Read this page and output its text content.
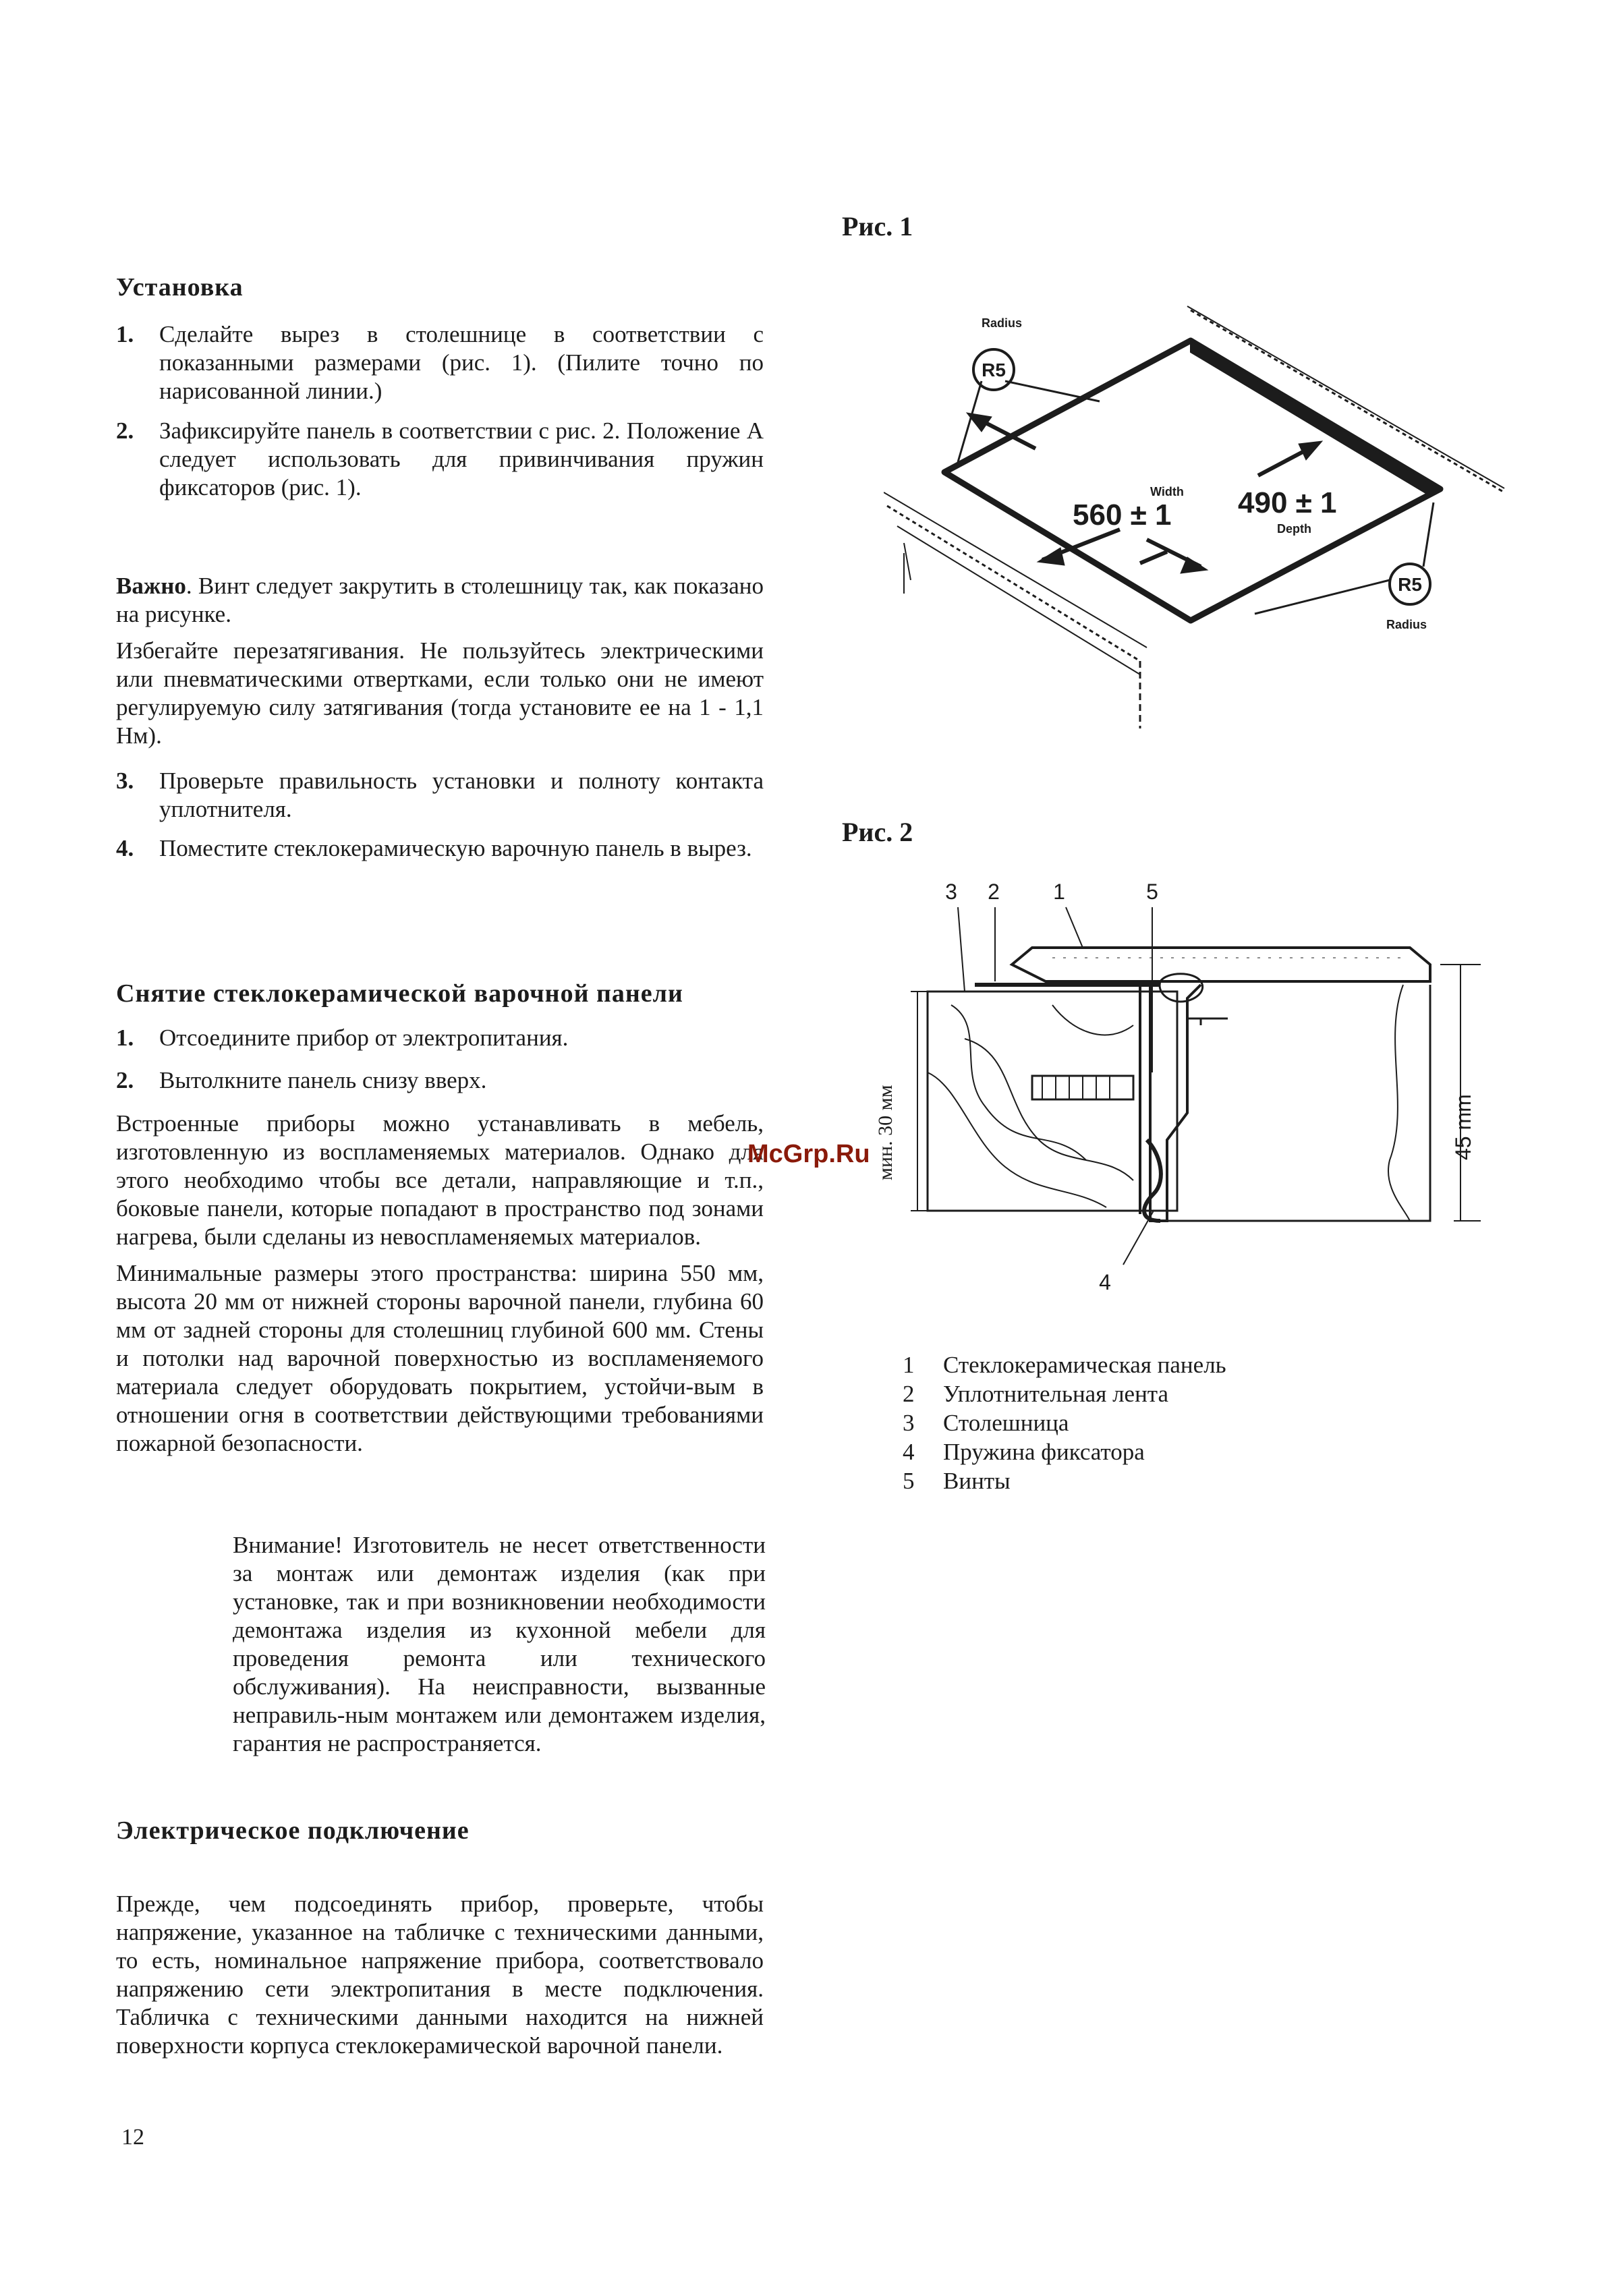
Установка
1. Сделайте вырез в столешнице в соответствии с показанными размерами (рис. 1). (Пилите точно по нарисованной линии.)

2. Зафиксируйте панель в соответствии с рис. 2. Положение А следует использовать для привинчивания пружин фиксаторов (рис. 1).

Важно. Винт следует закрутить в столешницу так, как показано на рисунке.

Избегайте перезатягивания. Не пользуйтесь электрическими или пневматическими отвертками, если только они не имеют регулируемую силу затягивания (тогда установите ее на 1 - 1,1 Нм).

3. Проверьте правильность установки и полноту контакта уплотнителя.

4. Поместите стеклокерамическую варочную панель в вырез.

Снятие стеклокерамической варочной панели
1. Отсоедините прибор от электропитания.

2. Вытолкните панель снизу вверх.

Встроенные приборы можно устанавливать в мебель, изготовленную из воспламеняемых материалов. Однако для этого необходимо чтобы все детали, направляющие и т.п., боковые панели, которые попадают в пространство под зонами нагрева, были сделаны из невоспламеняемых материалов.

Минимальные размеры этого пространства: ширина 550 мм, высота 20 мм от нижней стороны варочной панели, глубина 60 мм от задней стороны для столешниц глубиной 600 мм. Стены и потолки над варочной поверхностью из воспламеняемого материала следует оборудовать покрытием, устойчи-вым в отношении огня в соответствии действующими требованиями пожарной безопасности.

Внимание! Изготовитель не несет ответственности за монтаж или демонтаж изделия (как при установке, так и при возникновении необходимости демонтажа изделия из кухонной мебели для проведения ремонта или технического обслуживания). На неисправности, вызванные неправиль-ным монтажем или демонтажем изделия, гарантия не распространяется.

Электрическое подключение

Прежде, чем подсоединять прибор, проверьте, чтобы напряжение, указанное на табличке с техническими данными, то есть, номинальное напряжение прибора, соответствовало напряжению сети электропитания в месте подключения. Табличка с техническими данными находится на нижней поверхности корпуса стеклокерамической варочной панели.

12
McGrp.Ru
Рис. 1
Radius
R5
R5
Radius
Width
560 ± 1 490 ± 1
Depth
Рис. 2
3 2 1	5
4
мин. 30 мм	45 mm
1 Стеклокерамическая панель
2 Уплотнительная лента
3 Столешница
4 Пружина фиксатора
5 Винты
